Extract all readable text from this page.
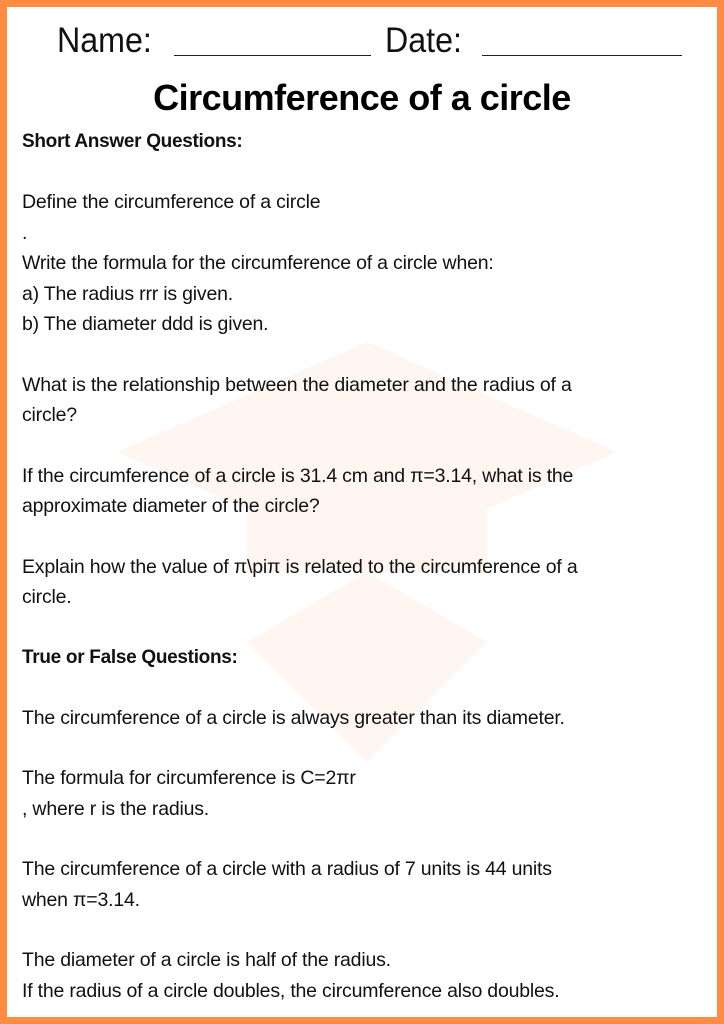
Name:	Date:
Circumference of a circle
Short Answer Questions:
Define the circumference of a circle
.
Write the formula for the circumference of a circle when:
a) The radius rrr is given.
b) The diameter ddd is given.
What is the relationship between the diameter and the radius of a
circle?
If the circumference of a circle is 31.4 cm and π=3.14, what is the
approximate diameter of the circle?
Explain how the value of π\piπ is related to the circumference of a
circle.
True or False Questions:
The circumference of a circle is always greater than its diameter.
The formula for circumference is C=2πr
, where r is the radius.
The circumference of a circle with a radius of 7 units is 44 units
when π=3.14.
The diameter of a circle is half of the radius.
If the radius of a circle doubles, the circumference also doubles.
